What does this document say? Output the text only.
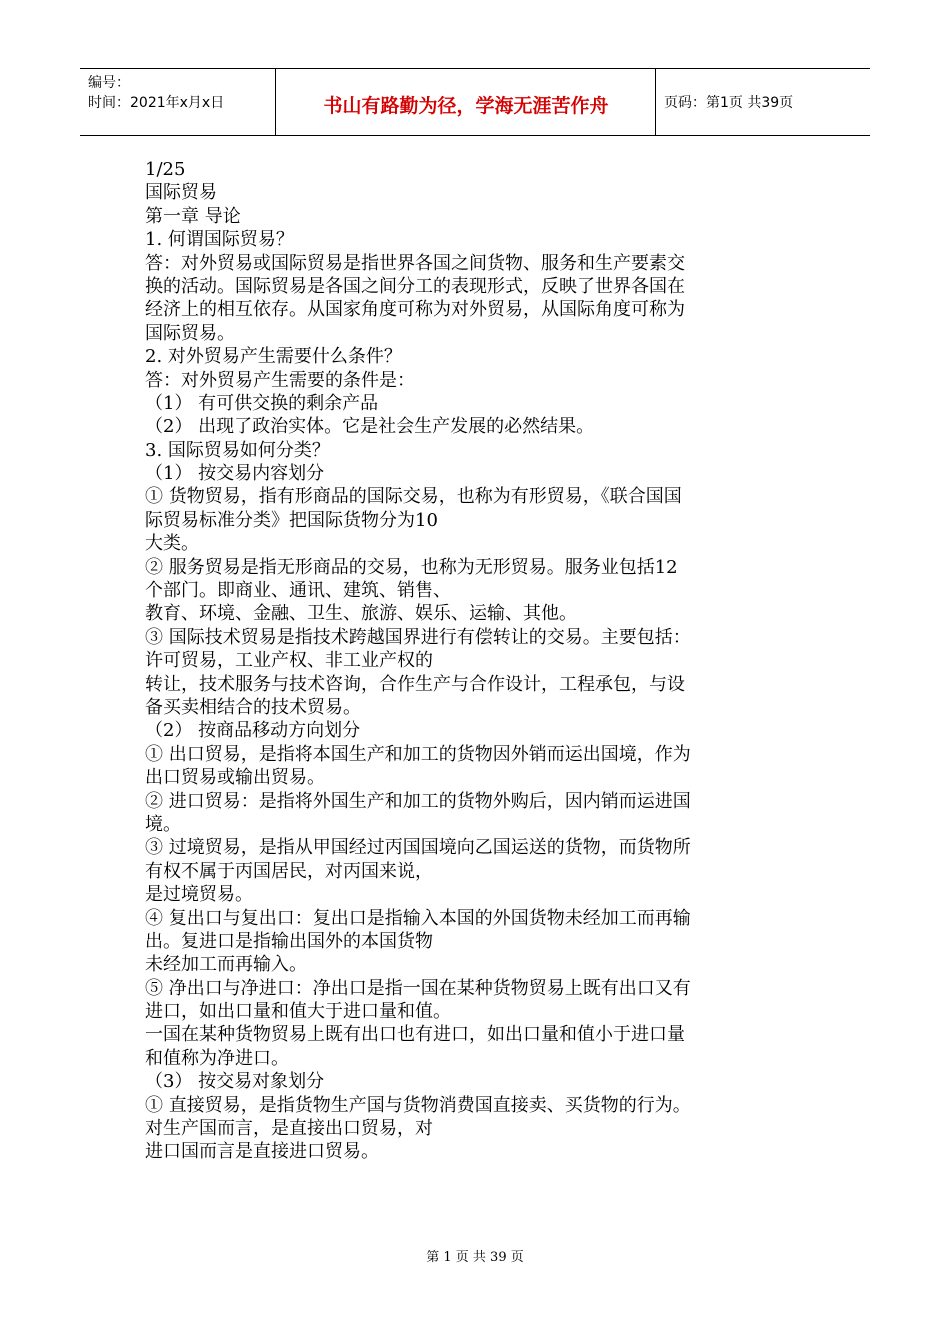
编号：
时间：2021年x月x日	书山有路勤为径，学海无涯苦作舟	页码：第1页 共39页
1/25
国际贸易
第一章 导论
1. 何谓国际贸易？
答：对外贸易或国际贸易是指世界各国之间货物、服务和生产要素交
换的活动。国际贸易是各国之间分工的表现形式，反映了世界各国在
经济上的相互依存。从国家角度可称为对外贸易，从国际角度可称为
国际贸易。
2. 对外贸易产生需要什么条件？
答：对外贸易产生需要的条件是：
（1） 有可供交换的剩余产品
（2） 出现了政治实体。它是社会生产发展的必然结果。
3. 国际贸易如何分类？
（1） 按交易内容划分
① 货物贸易，指有形商品的国际交易，也称为有形贸易，《联合国国
际贸易标准分类》把国际货物分为10
大类。
② 服务贸易是指无形商品的交易，也称为无形贸易。服务业包括12
个部门。即商业、通讯、建筑、销售、
教育、环境、金融、卫生、旅游、娱乐、运输、其他。
③ 国际技术贸易是指技术跨越国界进行有偿转让的交易。主要包括：
许可贸易，工业产权、非工业产权的
转让，技术服务与技术咨询，合作生产与合作设计，工程承包，与设
备买卖相结合的技术贸易。
（2） 按商品移动方向划分
① 出口贸易，是指将本国生产和加工的货物因外销而运出国境，作为
出口贸易或输出贸易。
② 进口贸易：是指将外国生产和加工的货物外购后，因内销而运进国
境。
③ 过境贸易，是指从甲国经过丙国国境向乙国运送的货物，而货物所
有权不属于丙国居民，对丙国来说，
是过境贸易。
④ 复出口与复出口：复出口是指输入本国的外国货物未经加工而再输
出。复进口是指输出国外的本国货物
未经加工而再输入。
⑤ 净出口与净进口：净出口是指一国在某种货物贸易上既有出口又有
进口，如出口量和值大于进口量和值。
一国在某种货物贸易上既有出口也有进口，如出口量和值小于进口量
和值称为净进口。
（3） 按交易对象划分
① 直接贸易，是指货物生产国与货物消费国直接卖、买货物的行为。
对生产国而言，是直接出口贸易，对
进口国而言是直接进口贸易。
第 1 页 共 39 页
